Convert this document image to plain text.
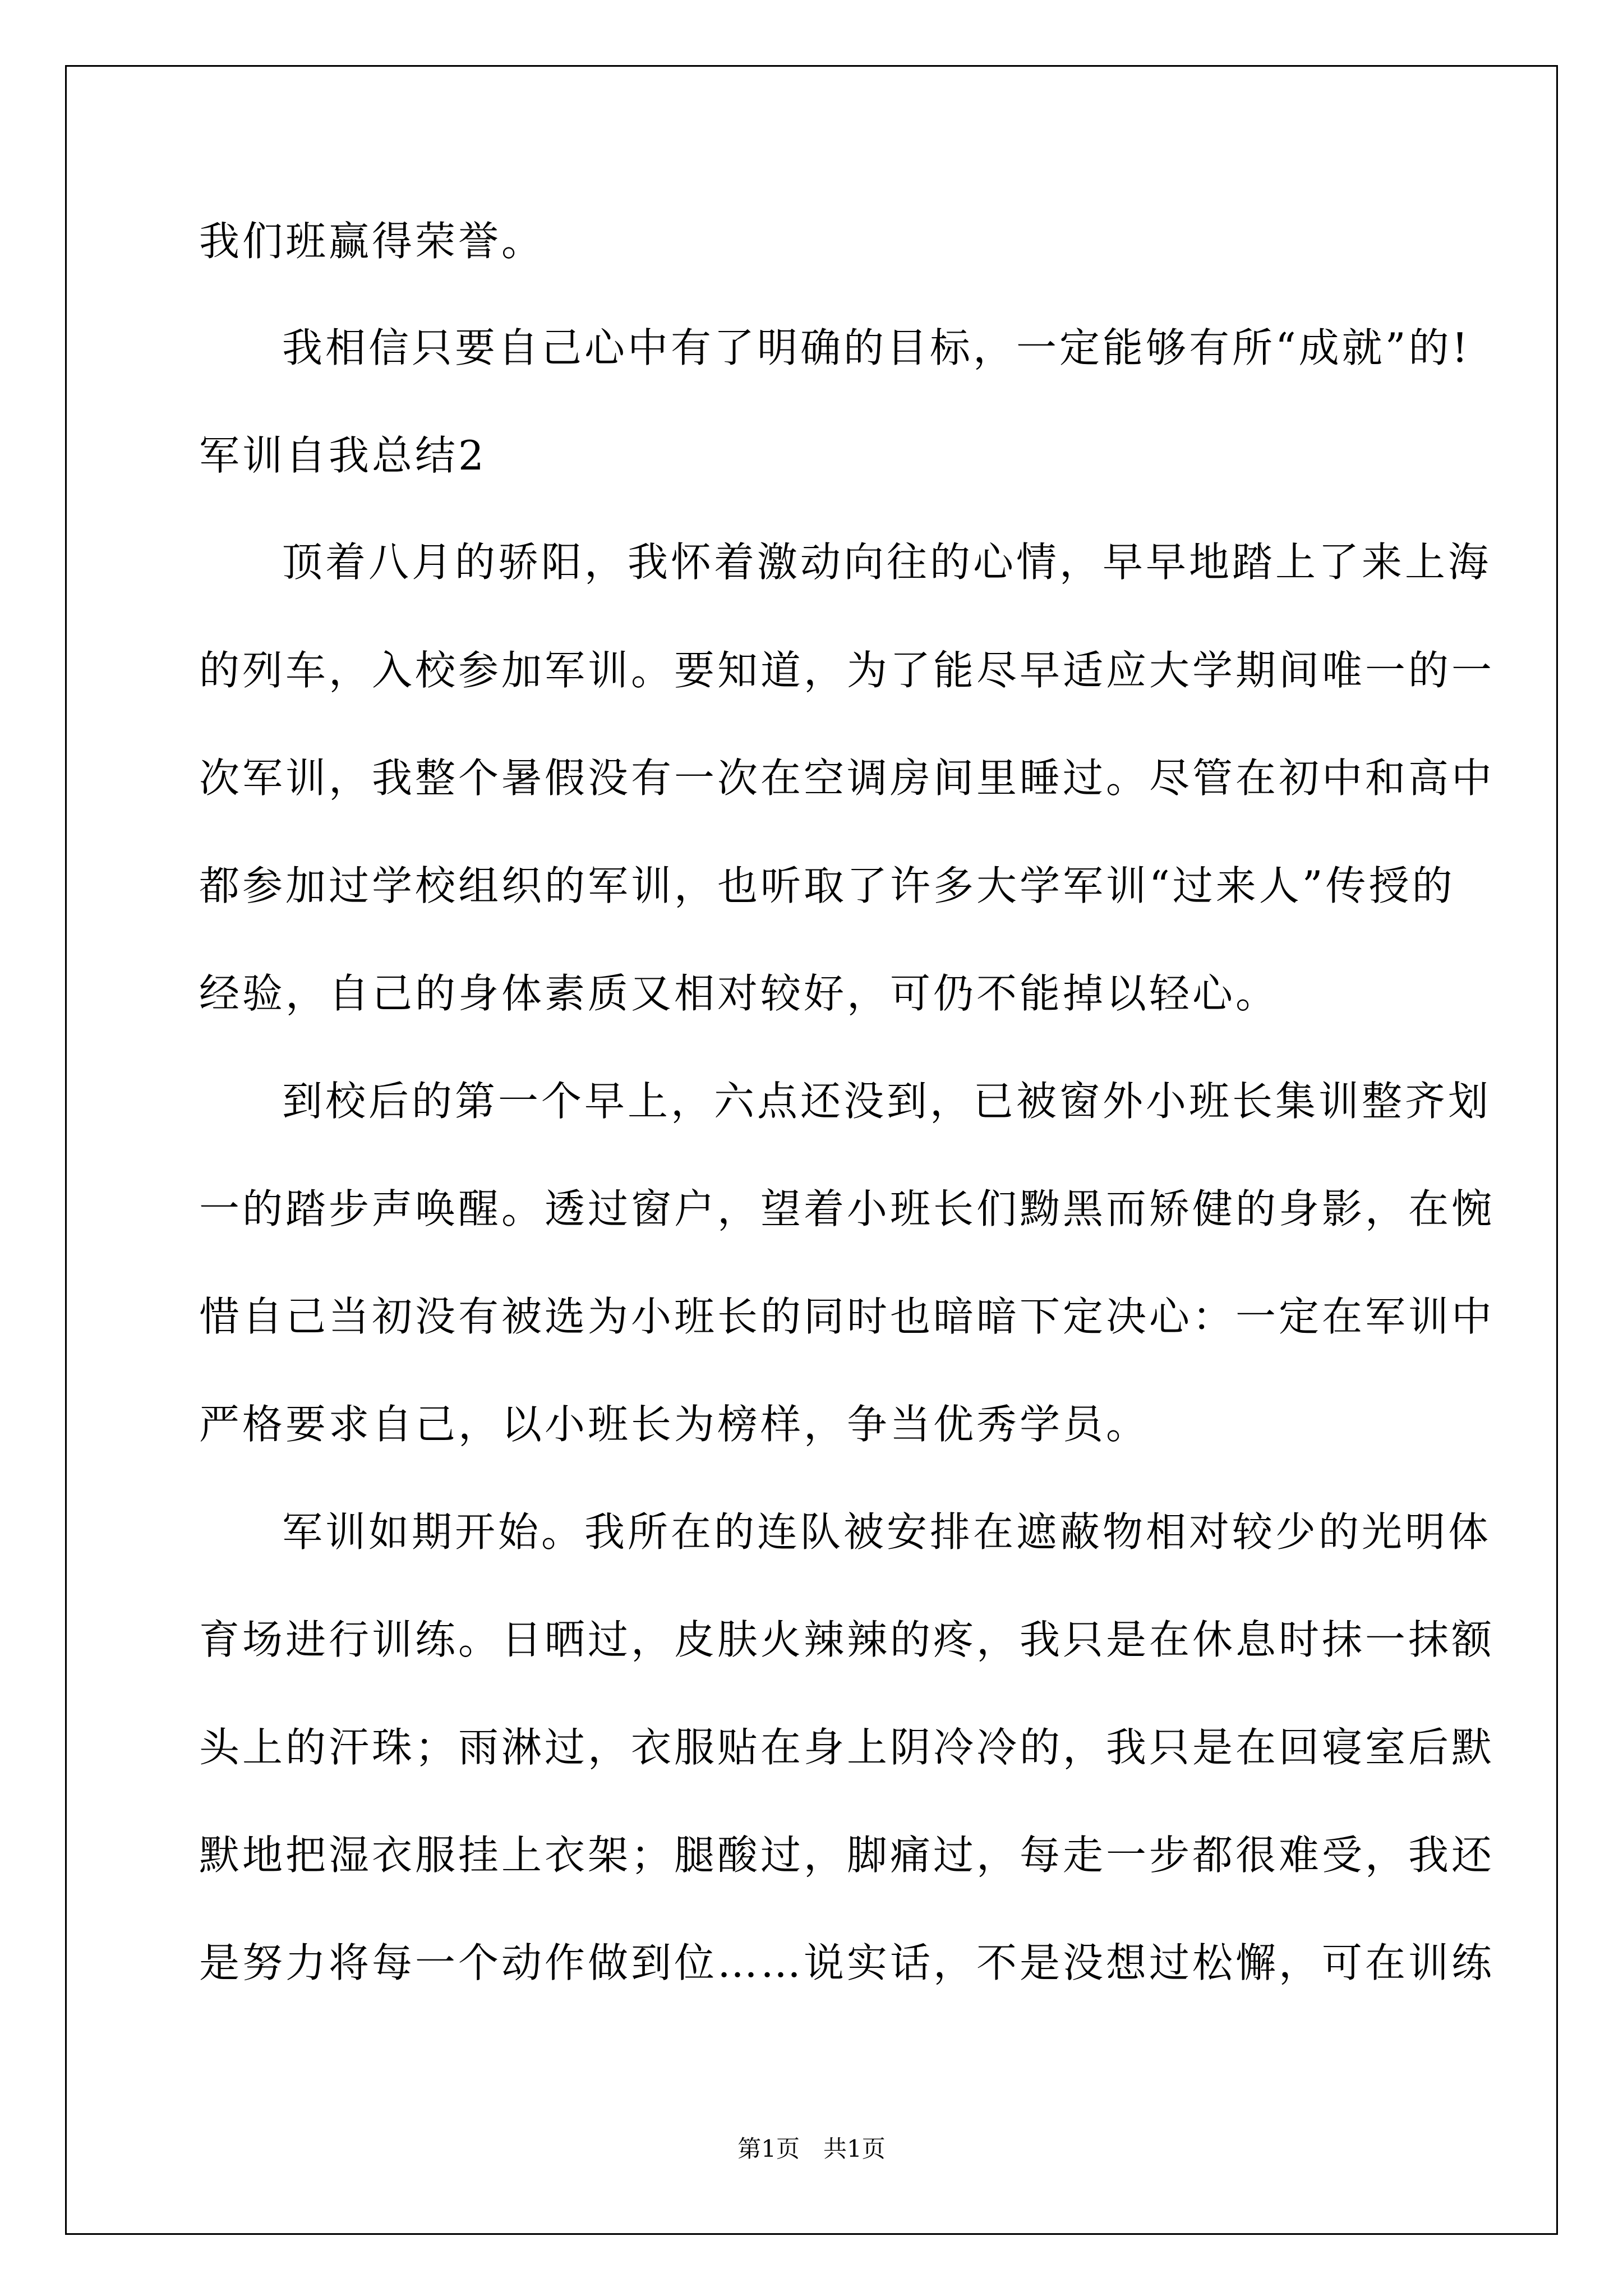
我们班赢得荣誉。
我相信只要自己心中有了明确的目标，一定能够有所“成就”的!
军训自我总结2
顶着八月的骄阳，我怀着激动向往的心情，早早地踏上了来上海
的列车，入校参加军训。要知道，为了能尽早适应大学期间唯一的一
次军训，我整个暑假没有一次在空调房间里睡过。尽管在初中和高中
都参加过学校组织的军训，也听取了许多大学军训“过来人”传授的
经验，自己的身体素质又相对较好，可仍不能掉以轻心。
到校后的第一个早上，六点还没到，已被窗外小班长集训整齐划
一的踏步声唤醒。透过窗户，望着小班长们黝黑而矫健的身影，在惋
惜自己当初没有被选为小班长的同时也暗暗下定决心：一定在军训中
严格要求自己，以小班长为榜样，争当优秀学员。
军训如期开始。我所在的连队被安排在遮蔽物相对较少的光明体
育场进行训练。日晒过，皮肤火辣辣的疼，我只是在休息时抹一抹额
头上的汗珠；雨淋过，衣服贴在身上阴冷冷的，我只是在回寝室后默
默地把湿衣服挂上衣架；腿酸过，脚痛过，每走一步都很难受，我还
是努力将每一个动作做到位……说实话，不是没想过松懈，可在训练
第1页　共1页
